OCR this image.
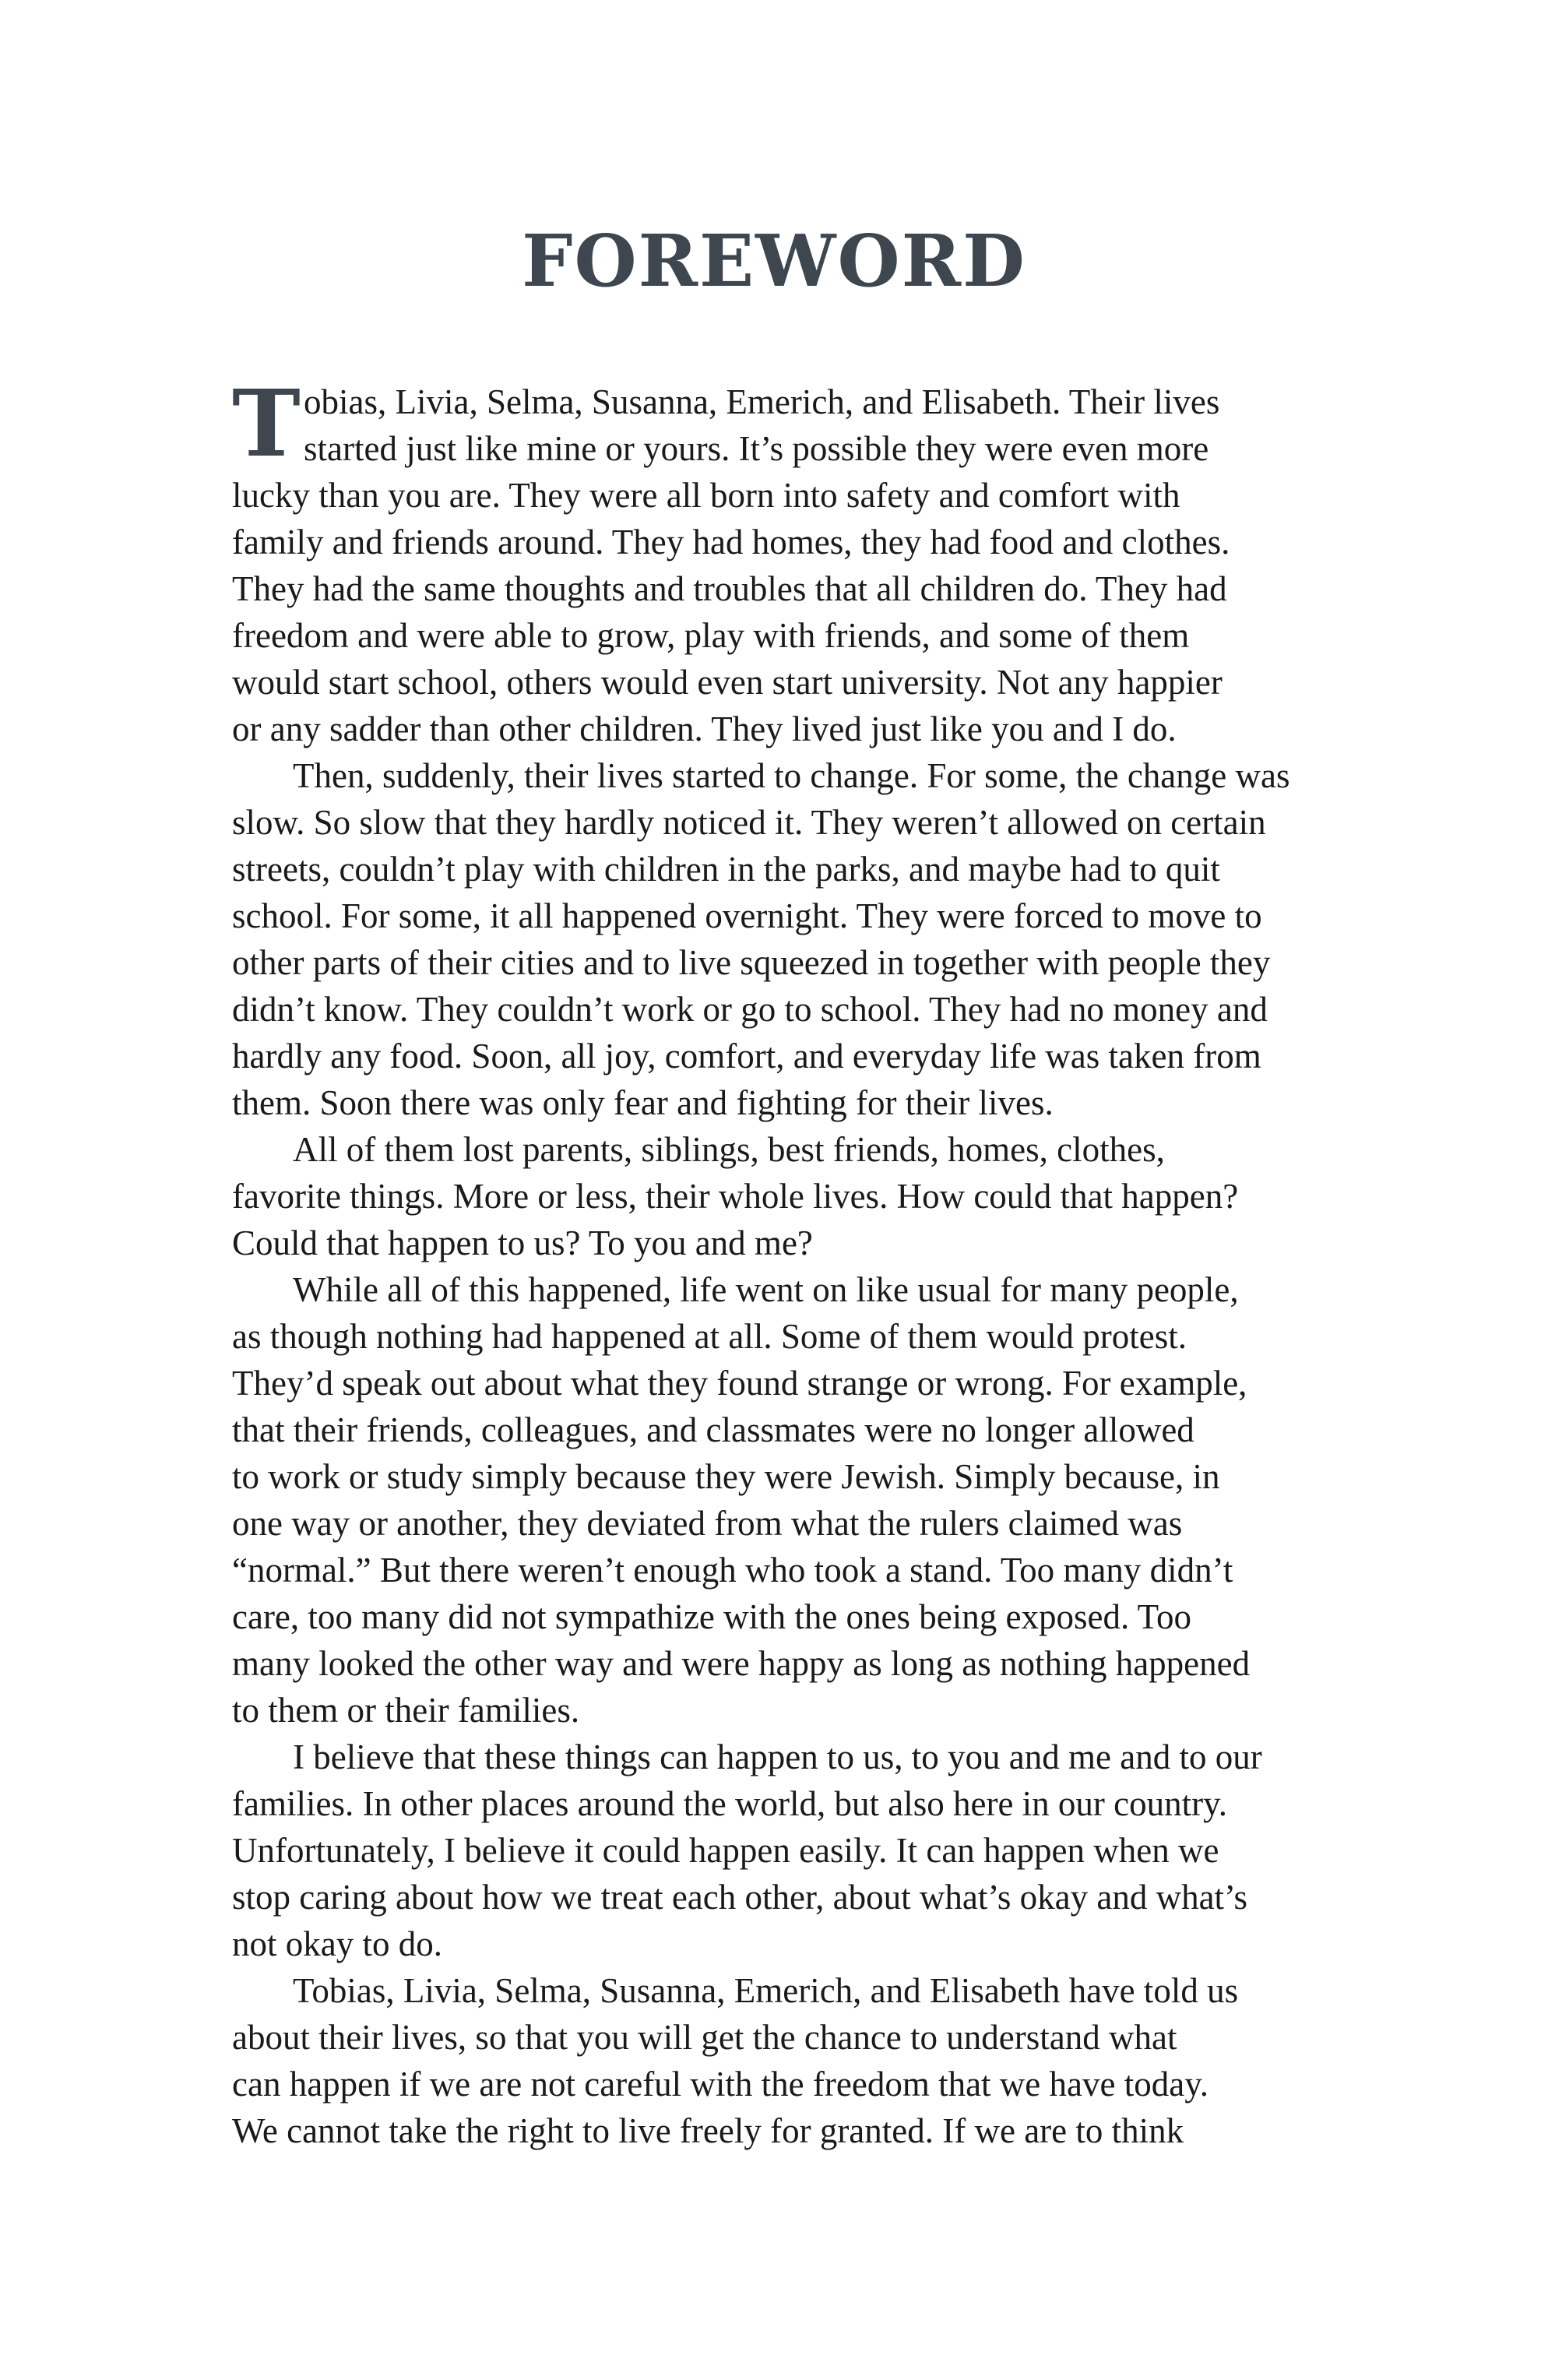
FOREWORD
T obias, Livia, Selma, Susanna, Emerich, and Elisabeth. Their lives
started just like mine or yours. It’s possible they were even more
lucky than you are. They were all born into safety and comfort with
family and friends around. They had homes, they had food and clothes.
They had the same thoughts and troubles that all children do. They had
freedom and were able to grow, play with friends, and some of them
would start school, others would even start university. Not any happier
or any sadder than other children. They lived just like you and I do.
Then, suddenly, their lives started to change. For some, the change was
slow. So slow that they hardly noticed it. They weren’t allowed on certain
streets, couldn’t play with children in the parks, and maybe had to quit
school. For some, it all happened overnight. They were forced to move to
other parts of their cities and to live squeezed in together with people they
didn’t know. They couldn’t work or go to school. They had no money and
hardly any food. Soon, all joy, comfort, and everyday life was taken from
them. Soon there was only fear and fighting for their lives.
All of them lost parents, siblings, best friends, homes, clothes,
favorite things. More or less, their whole lives. How could that happen?
Could that happen to us? To you and me?
While all of this happened, life went on like usual for many people,
as though nothing had happened at all. Some of them would protest.
They’d speak out about what they found strange or wrong. For example,
that their friends, colleagues, and classmates were no longer allowed
to work or study simply because they were Jewish. Simply because, in
one way or another, they deviated from what the rulers claimed was
“normal.” But there weren’t enough who took a stand. Too many didn’t
care, too many did not sympathize with the ones being exposed. Too
many looked the other way and were happy as long as nothing happened
to them or their families.
I believe that these things can happen to us, to you and me and to our
families. In other places around the world, but also here in our country.
Unfortunately, I believe it could happen easily. It can happen when we
stop caring about how we treat each other, about what’s okay and what’s
not okay to do.
Tobias, Livia, Selma, Susanna, Emerich, and Elisabeth have told us
about their lives, so that you will get the chance to understand what
can happen if we are not careful with the freedom that we have today.
We cannot take the right to live freely for granted. If we are to think
